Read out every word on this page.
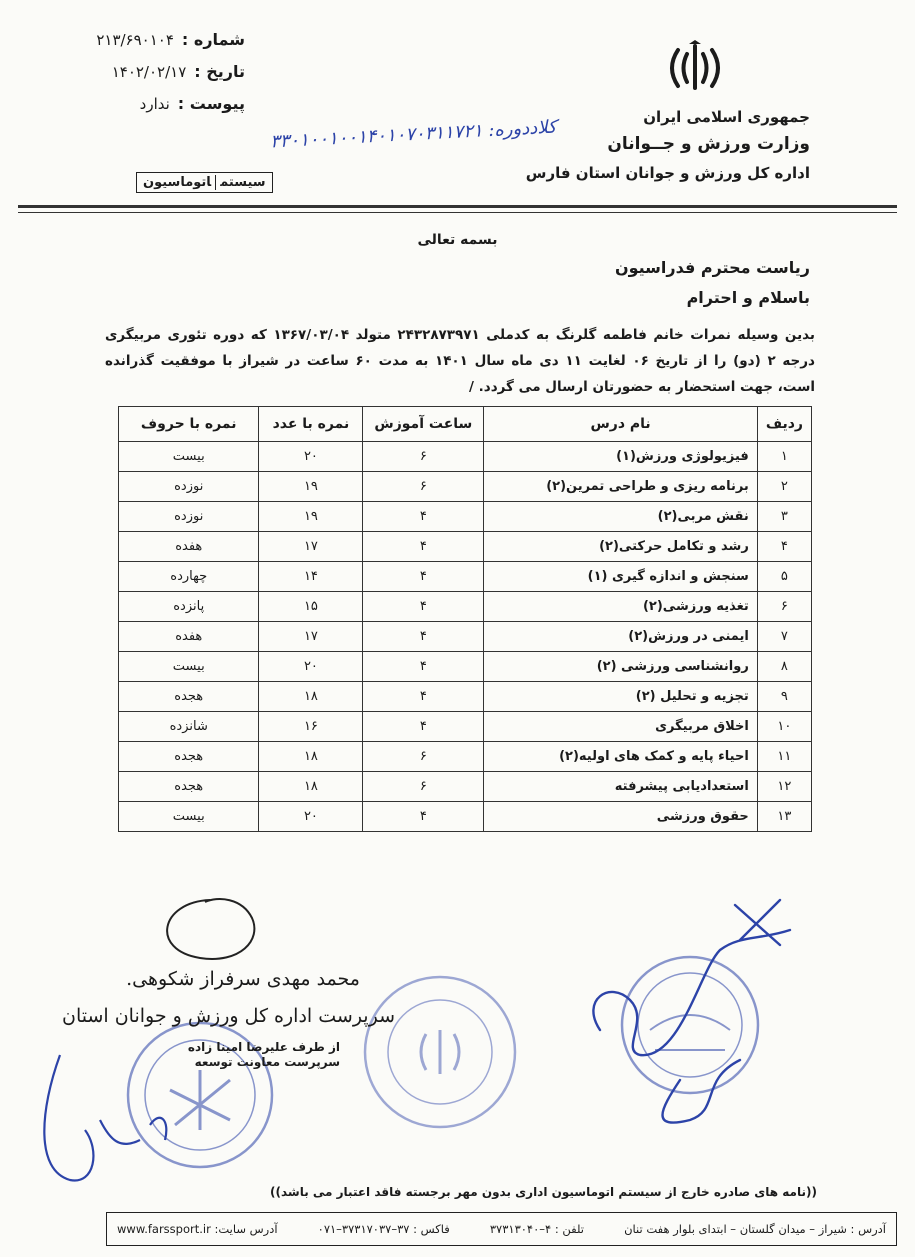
شماره :
۲۱۳/۶۹۰۱۰۴
تاریخ :
۱۴۰۲/۰۲/۱۷
پیوست :
ندارد
سیستماتوماسیون
جمهوری اسلامی ایران
وزارت ورزش و جــوانان
اداره کل ورزش و جوانان استان فارس
کلاددوره: ۳۳۰۱۰۰۱۰۰۱۴۰۱۰۷۰۳۱۱۷۲۱
بسمه تعالی
ریاست محترم فدراسیون
باسلام و احترام
بدین وسیله نمرات خانم فاطمه گلرنگ به کدملی ۲۴۳۲۸۷۳۹۷۱ متولد ۱۳۶۷/۰۳/۰۴ که دوره تئوری مربیگری درجه ۲ (دو) را از تاریخ ۰۶ لغایت ۱۱ دی ماه سال ۱۴۰۱ به مدت ۶۰ ساعت در شیراز با موفقیت گذرانده است، جهت استحضار به حضورتان ارسال می گردد. /
ردیف	نام درس	ساعت آموزش	نمره با عدد	نمره با حروف
۱	فیزیولوژی ورزش(۱)	۶	۲۰	بیست
۲	برنامه ریزی و طراحی تمرین(۲)	۶	۱۹	نوزده
۳	نقش مربی(۲)	۴	۱۹	نوزده
۴	رشد و تکامل حرکتی(۲)	۴	۱۷	هفده
۵	سنجش و اندازه گیری (۱)	۴	۱۴	چهارده
۶	تغذیه ورزشی(۲)	۴	۱۵	پانزده
۷	ایمنی در ورزش(۲)	۴	۱۷	هفده
۸	روانشناسی ورزشی (۲)	۴	۲۰	بیست
۹	تجزیه و تحلیل (۲)	۴	۱۸	هجده
۱۰	اخلاق مربیگری	۴	۱۶	شانزده
۱۱	احیاء پایه و کمک های اولیه(۲)	۶	۱۸	هجده
۱۲	استعدادیابی پیشرفته	۶	۱۸	هجده
۱۳	حقوق ورزشی	۴	۲۰	بیست
محمد مهدی سرفراز شکوهی.
سرپرست اداره کل ورزش و جوانان استان
از طرف علیرضا امینا زاده
سرپرست معاونت توسعه
((نامه های صادره خارج از سیستم اتوماسیون اداری بدون مهر برجسته فاقد اعتبار می باشد))
آدرس : شیراز – میدان گلستان – ابتدای بلوار هفت تنان
تلفن : ۴–۳۷۳۱۳۰۴۰
فاکس : ۳۷–۳۷۳۱۷۰۳۷–۰۷۱
آدرس سایت: www.farssport.ir
